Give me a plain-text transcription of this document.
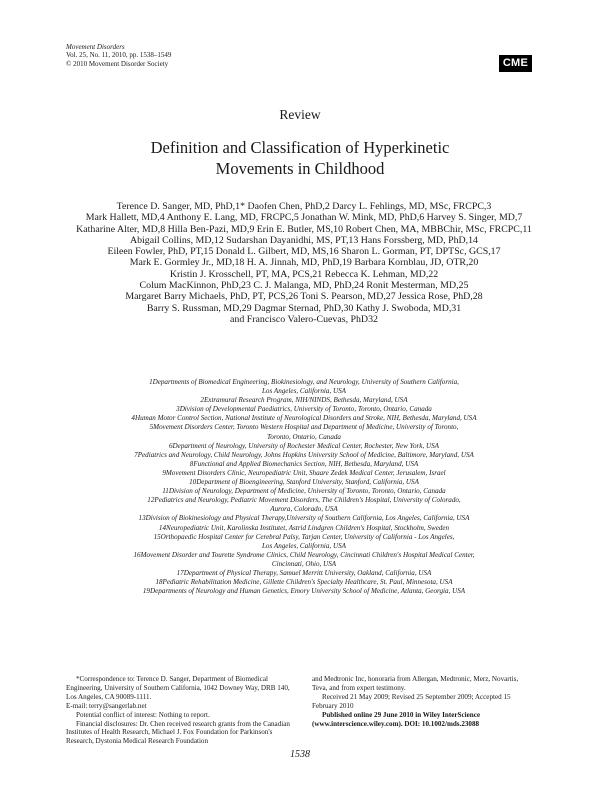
Movement Disorders
Vol. 25, No. 11, 2010, pp. 1538–1549
© 2010 Movement Disorder Society	CME
Review
Definition and Classification of Hyperkinetic
Movements in Childhood
Terence D. Sanger, MD, PhD,1* Daofen Chen, PhD,2 Darcy L. Fehlings, MD, MSc, FRCPC,3
Mark Hallett, MD,4 Anthony E. Lang, MD, FRCPC,5 Jonathan W. Mink, MD, PhD,6 Harvey S. Singer, MD,7
Katharine Alter, MD,8 Hilla Ben-Pazi, MD,9 Erin E. Butler, MS,10 Robert Chen, MA, MBBChir, MSc, FRCPC,11
Abigail Collins, MD,12 Sudarshan Dayanidhi, MS, PT,13 Hans Forssberg, MD, PhD,14
Eileen Fowler, PhD, PT,15 Donald L. Gilbert, MD, MS,16 Sharon L. Gorman, PT, DPTSc, GCS,17
Mark E. Gormley Jr., MD,18 H. A. Jinnah, MD, PhD,19 Barbara Kornblau, JD, OTR,20
Kristin J. Krosschell, PT, MA, PCS,21 Rebecca K. Lehman, MD,22
Colum MacKinnon, PhD,23 C. J. Malanga, MD, PhD,24 Ronit Mesterman, MD,25
Margaret Barry Michaels, PhD, PT, PCS,26 Toni S. Pearson, MD,27 Jessica Rose, PhD,28
Barry S. Russman, MD,29 Dagmar Sternad, PhD,30 Kathy J. Swoboda, MD,31
and Francisco Valero-Cuevas, PhD32
1Departments of Biomedical Engineering, Biokinesiology, and Neurology, University of Southern California,
Los Angeles, California, USA
2Extramural Research Program, NIH/NINDS, Bethesda, Maryland, USA
3Division of Developmental Paediatrics, University of Toronto, Toronto, Ontario, Canada
4Human Motor Control Section, National Institute of Neurological Disorders and Stroke, NIH, Bethesda, Maryland, USA
5Movement Disorders Center, Toronto Western Hospital and Department of Medicine, University of Toronto,
Toronto, Ontario, Canada
6Department of Neurology, University of Rochester Medical Center, Rochester, New York, USA
7Pediatrics and Neurology, Child Neurology, Johns Hopkins University School of Medicine, Baltimore, Maryland, USA
8Functional and Applied Biomechanics Section, NIH, Bethesda, Maryland, USA
9Movement Disorders Clinic, Neuropediatric Unit, Shaare Zedek Medical Center, Jerusalem, Israel
10Department of Bioengineering, Stanford University, Stanford, California, USA
11Division of Neurology, Department of Medicine, University of Toronto, Toronto, Ontario, Canada
12Pediatrics and Neurology, Pediatric Movement Disorders, The Children's Hospital, University of Colorado,
Aurora, Colorado, USA
13Division of Biokinesiology and Physical Therapy,University of Southern California, Los Angeles, California, USA
14Neuropediatric Unit, Karolinska Institutet, Astrid Lindgren Children's Hospital, Stockholm, Sweden
15Orthopaedic Hospital Center for Cerebral Palsy, Tarjan Center, University of California - Los Angeles,
Los Angeles, California, USA
16Movement Disorder and Tourette Syndrome Clinics, Child Neurology, Cincinnati Children's Hospital Medical Center,
Cincinnati, Ohio, USA
17Department of Physical Therapy, Samuel Merritt University, Oakland, California, USA
18Pediatric Rehabilitation Medicine, Gillette Children's Specialty Healthcare, St. Paul, Minnesota, USA
19Departments of Neurology and Human Genetics, Emory University School of Medicine, Atlanta, Georgia, USA

*Correspondence to: Terence D. Sanger, Department of Biomedical Engineering, University of Southern California, 1042 Downey Way, DRB 140, Los Angeles, CA 90089-1111.

E-mail: terry@sangerlab.net

Potential conflict of interest: Nothing to report.

Financial disclosures: Dr. Chen received research grants from the Canadian Institutes of Health Research, Michael J. Fox Foundation for Parkinson's Research, Dystonia Medical Research Foundation

and Medtronic Inc, honoraria from Allergan, Medtronic, Merz, Novartis, Teva, and from expert testimony.

Received 21 May 2009; Revised 25 September 2009; Accepted 15 February 2010

Published online 29 June 2010 in Wiley InterScience (www.interscience.wiley.com). DOI: 10.1002/mds.23088

1538
